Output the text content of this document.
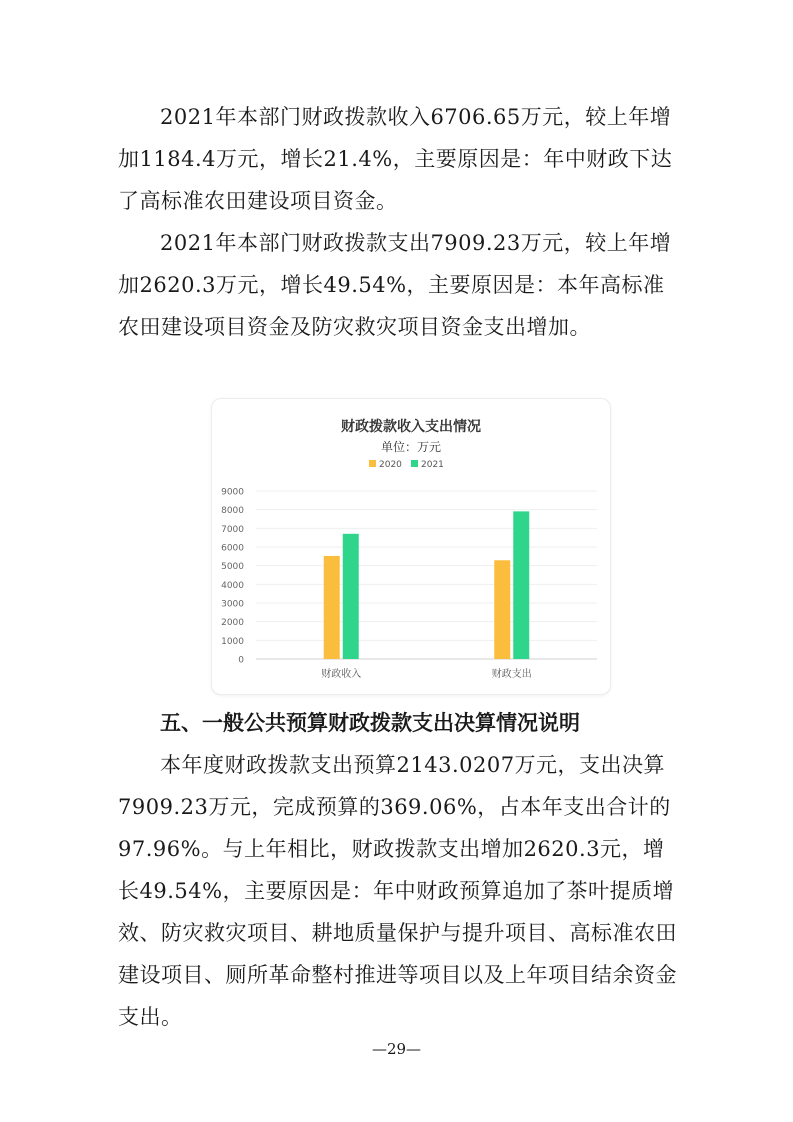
2021年本部门财政拨款收入6706.65万元，较上年增加1184.4万元，增长21.4%，主要原因是：年中财政下达了高标准农田建设项目资金。

2021年本部门财政拨款支出7909.23万元，较上年增加2620.3万元，增长49.54%，主要原因是：本年高标准农田建设项目资金及防灾救灾项目资金支出增加。

财政拨款收入支出情况
单位：万元
2020 2021
0
1000
2000
3000
4000
5000
6000
7000
8000
9000
财政收入	财政支出
五、一般公共预算财政拨款支出决算情况说明

本年度财政拨款支出预算2143.0207万元，支出决算7909.23万元，完成预算的369.06%，占本年支出合计的97.96%。与上年相比，财政拨款支出增加2620.3元，增长49.54%，主要原因是：年中财政预算追加了茶叶提质增效、防灾救灾项目、耕地质量保护与提升项目、高标准农田建设项目、厕所革命整村推进等项目以及上年项目结余资金支出。

—29—
